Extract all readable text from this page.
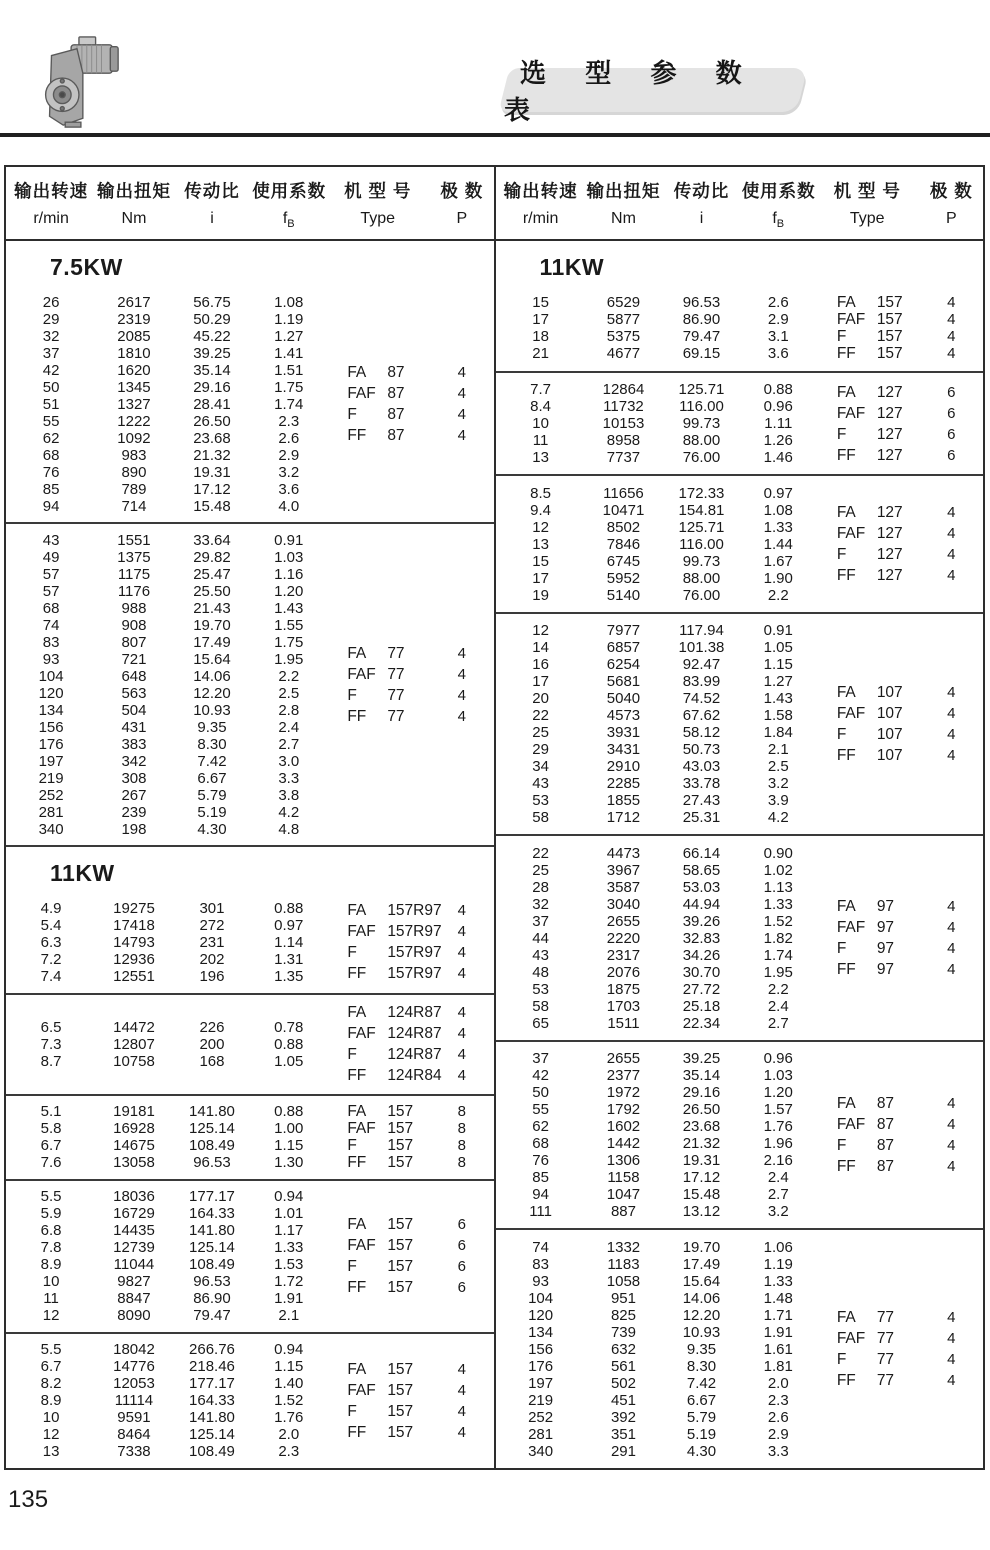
选 型 参 数 表
输出转速
r/min
输出扭矩
Nm
传动比
i
使用系数
$f_B$
机 型 号
Type
极 数
P
7.5KW
26
29
32
37
42
50
51
55
62
68
76
85
94
2617
2319
2085
1810
1620
1345
1327
1222
1092
983
890
789
714
56.75
50.29
45.22
39.25
35.14
29.16
28.41
26.50
23.68
21.32
19.31
17.12
15.48
1.08
1.19
1.27
1.41
1.51
1.75
1.74
2.3
2.6
2.9
3.2
3.6
4.0
FA 87
FAF 87
F 87
FF 87
4
4
4
4
43
49
57
57
68
74
83
93
104
120
134
156
176
197
219
252
281
340
1551
1375
1175
1176
988
908
807
721
648
563
504
431
383
342
308
267
239
198
33.64
29.82
25.47
25.50
21.43
19.70
17.49
15.64
14.06
12.20
10.93
9.35
8.30
7.42
6.67
5.79
5.19
4.30
0.91
1.03
1.16
1.20
1.43
1.55
1.75
1.95
2.2
2.5
2.8
2.4
2.7
3.0
3.3
3.8
4.2
4.8
FA 77
FAF 77
F 77
FF 77
4
4
4
4
11KW
4.9
5.4
6.3
7.2
7.4
19275
17418
14793
12936
12551
301
272
231
202
196
0.88
0.97
1.14
1.31
1.35
FA 157R97
FAF 157R97
F 157R97
FF 157R97
4
4
4
4
6.5
7.3
8.7
14472
12807
10758
226
200
168
0.78
0.88
1.05
FA 124R87
FAF 124R87
F 124R87
FF 124R84
4
4
4
4
5.1
5.8
6.7
7.6
19181
16928
14675
13058
141.80
125.14
108.49
96.53
0.88
1.00
1.15
1.30
FA 157
FAF 157
F 157
FF 157
8
8
8
8
5.5
5.9
6.8
7.8
8.9
10
11
12
18036
16729
14435
12739
11044
9827
8847
8090
177.17
164.33
141.80
125.14
108.49
96.53
86.90
79.47
0.94
1.01
1.17
1.33
1.53
1.72
1.91
2.1
FA 157
FAF 157
F 157
FF 157
6
6
6
6
5.5
6.7
8.2
8.9
10
12
13
18042
14776
12053
11114
9591
8464
7338
266.76
218.46
177.17
164.33
141.80
125.14
108.49
0.94
1.15
1.40
1.52
1.76
2.0
2.3
FA 157
FAF 157
F 157
FF 157
4
4
4
4
输出转速
r/min
输出扭矩
Nm
传动比
i
使用系数
$f_B$
机 型 号
Type
极 数
P
11KW
15
17
18
21
6529
5877
5375
4677
96.53
86.90
79.47
69.15
2.6
2.9
3.1
3.6
FA 157
FAF 157
F 157
FF 157
4
4
4
4
7.7
8.4
10
11
13
12864
11732
10153
8958
7737
125.71
116.00
99.73
88.00
76.00
0.88
0.96
1.11
1.26
1.46
FA 127
FAF 127
F 127
FF 127
6
6
6
6
8.5
9.4
12
13
15
17
19
11656
10471
8502
7846
6745
5952
5140
172.33
154.81
125.71
116.00
99.73
88.00
76.00
0.97
1.08
1.33
1.44
1.67
1.90
2.2
FA 127
FAF 127
F 127
FF 127
4
4
4
4
12
14
16
17
20
22
25
29
34
43
53
58
7977
6857
6254
5681
5040
4573
3931
3431
2910
2285
1855
1712
117.94
101.38
92.47
83.99
74.52
67.62
58.12
50.73
43.03
33.78
27.43
25.31
0.91
1.05
1.15
1.27
1.43
1.58
1.84
2.1
2.5
3.2
3.9
4.2
FA 107
FAF 107
F 107
FF 107
4
4
4
4
22
25
28
32
37
44
43
48
53
58
65
4473
3967
3587
3040
2655
2220
2317
2076
1875
1703
1511
66.14
58.65
53.03
44.94
39.26
32.83
34.26
30.70
27.72
25.18
22.34
0.90
1.02
1.13
1.33
1.52
1.82
1.74
1.95
2.2
2.4
2.7
FA 97
FAF 97
F 97
FF 97
4
4
4
4
37
42
50
55
62
68
76
85
94
111
2655
2377
1972
1792
1602
1442
1306
1158
1047
887
39.25
35.14
29.16
26.50
23.68
21.32
19.31
17.12
15.48
13.12
0.96
1.03
1.20
1.57
1.76
1.96
2.16
2.4
2.7
3.2
FA 87
FAF 87
F 87
FF 87
4
4
4
4
74
83
93
104
120
134
156
176
197
219
252
281
340
1332
1183
1058
951
825
739
632
561
502
451
392
351
291
19.70
17.49
15.64
14.06
12.20
10.93
9.35
8.30
7.42
6.67
5.79
5.19
4.30
1.06
1.19
1.33
1.48
1.71
1.91
1.61
1.81
2.0
2.3
2.6
2.9
3.3
FA 77
FAF 77
F 77
FF 77
4
4
4
4
135
